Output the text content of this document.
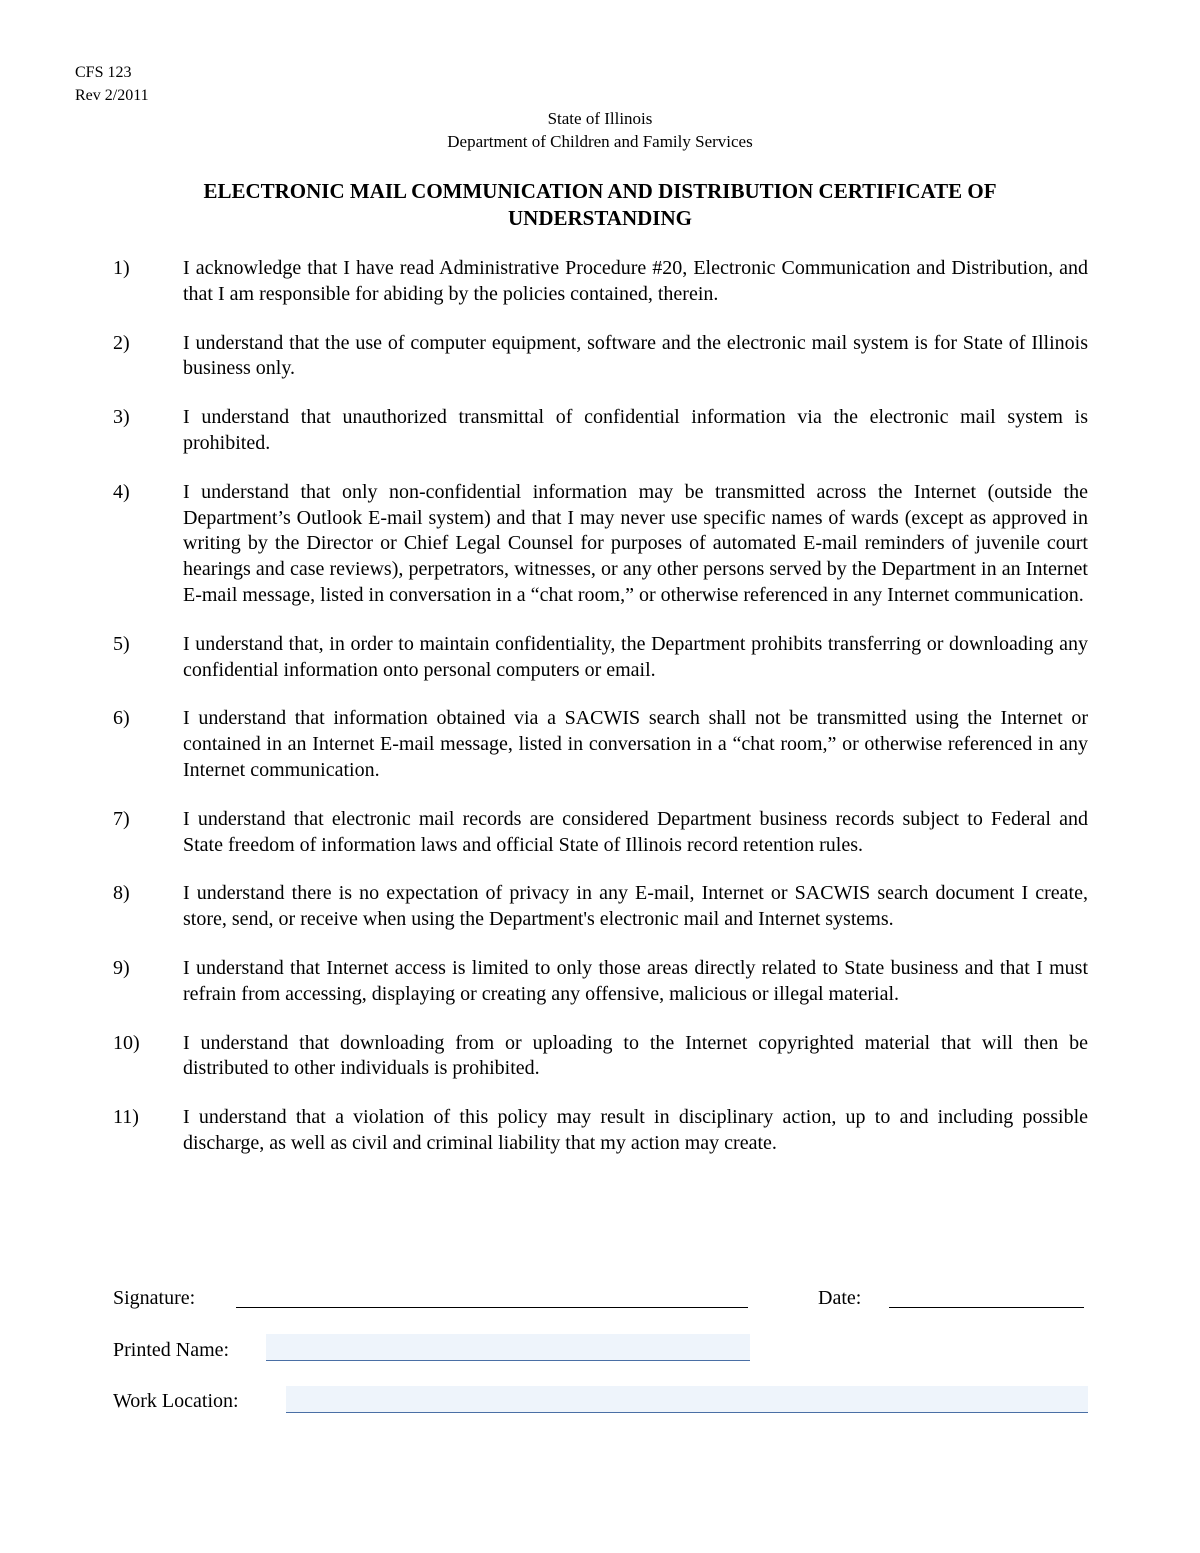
CFS 123
Rev 2/2011
State of Illinois
Department of Children and Family Services
ELECTRONIC MAIL COMMUNICATION AND DISTRIBUTION CERTIFICATE OF UNDERSTANDING
1)	I acknowledge that I have read Administrative Procedure #20, Electronic Communication and Distribution, and that I am responsible for abiding by the policies contained, therein.
2)	I understand that the use of computer equipment, software and the electronic mail system is for State of Illinois business only.
3)	I understand that unauthorized transmittal of confidential information via the electronic mail system is prohibited.
4)	I understand that only non-confidential information may be transmitted across the Internet (outside the Department’s Outlook E-mail system) and that I may never use specific names of wards (except as approved in writing by the Director or Chief Legal Counsel for purposes of automated E-mail reminders of juvenile court hearings and case reviews), perpetrators, witnesses, or any other persons served by the Department in an Internet E-mail message, listed in conversation in a “chat room,” or otherwise referenced in any Internet communication.
5)	I understand that, in order to maintain confidentiality, the Department prohibits transferring or downloading any confidential information onto personal computers or email.
6)	I understand that information obtained via a SACWIS search shall not be transmitted using the Internet or contained in an Internet E-mail message, listed in conversation in a “chat room,” or otherwise referenced in any Internet communication.
7)	I understand that electronic mail records are considered Department business records subject to Federal and State freedom of information laws and official State of Illinois record retention rules.
8)	I understand there is no expectation of privacy in any E-mail, Internet or SACWIS search document I create, store, send, or receive when using the Department's electronic mail and Internet systems.
9)	I understand that Internet access is limited to only those areas directly related to State business and that I must refrain from accessing, displaying or creating any offensive, malicious or illegal material.
10)	I understand that downloading from or uploading to the Internet copyrighted material that will then be distributed to other individuals is prohibited.
11)	I understand that a violation of this policy may result in disciplinary action, up to and including possible discharge, as well as civil and criminal liability that my action may create.
Signature:	Date:
Printed Name:
Work Location:
